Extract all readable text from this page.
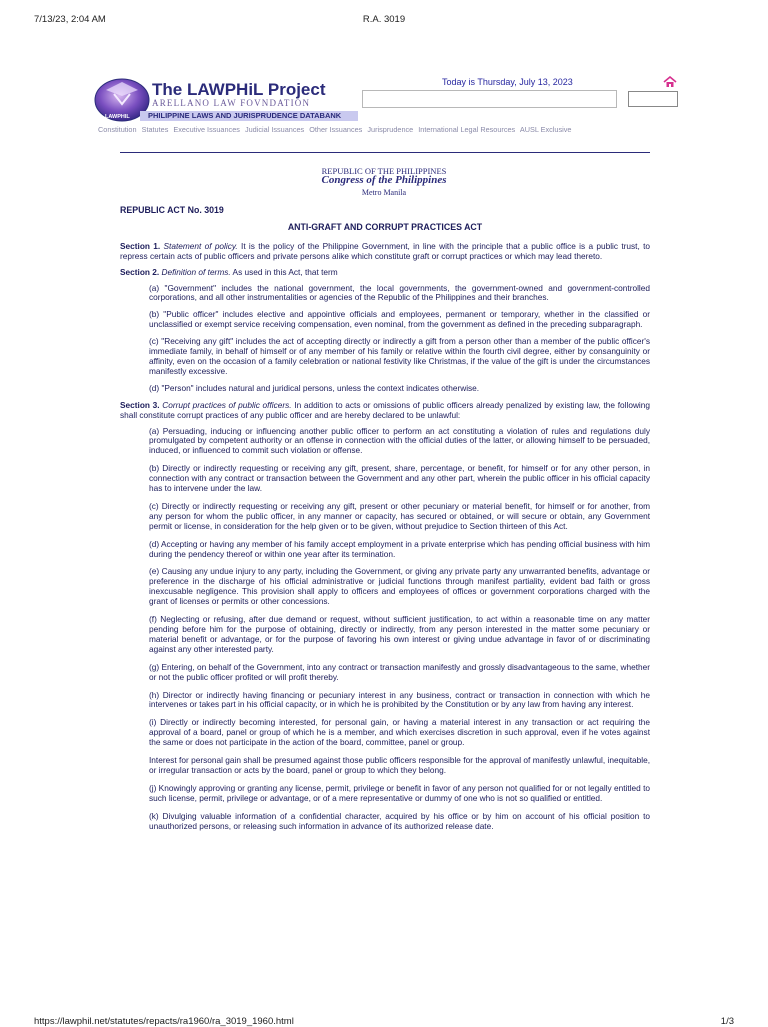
7/13/23, 2:04 AM	R.A. 3019
LAWPHIL
The LAWPHiL Project
ARELLANO LAW FOVNDATION
PHILIPPINE LAWS AND JURISPRUDENCE DATABANK
Today is Thursday, July 13, 2023
Constitution Statutes Executive Issuances Judicial Issuances Other Issuances Jurisprudence International Legal Resources AUSL Exclusive
REPUBLIC OF THE PHILIPPINES
Congress of the Philippines
Metro Manila

REPUBLIC ACT No. 3019

ANTI-GRAFT AND CORRUPT PRACTICES ACT

Section 1. Statement of policy. It is the policy of the Philippine Government, in line with the principle that a public office is a public trust, to repress certain acts of public officers and private persons alike which constitute graft or corrupt practices or which may lead thereto.

Section 2. Definition of terms. As used in this Act, that term

(a) "Government" includes the national government, the local governments, the government-owned and government-controlled corporations, and all other instrumentalities or agencies of the Republic of the Philippines and their branches.

(b) "Public officer" includes elective and appointive officials and employees, permanent or temporary, whether in the classified or unclassified or exempt service receiving compensation, even nominal, from the government as defined in the preceding subparagraph.

(c) "Receiving any gift" includes the act of accepting directly or indirectly a gift from a person other than a member of the public officer's immediate family, in behalf of himself or of any member of his family or relative within the fourth civil degree, either by consanguinity or affinity, even on the occasion of a family celebration or national festivity like Christmas, if the value of the gift is under the circumstances manifestly excessive.

(d) "Person" includes natural and juridical persons, unless the context indicates otherwise.

Section 3. Corrupt practices of public officers. In addition to acts or omissions of public officers already penalized by existing law, the following shall constitute corrupt practices of any public officer and are hereby declared to be unlawful:

(a) Persuading, inducing or influencing another public officer to perform an act constituting a violation of rules and regulations duly promulgated by competent authority or an offense in connection with the official duties of the latter, or allowing himself to be persuaded, induced, or influenced to commit such violation or offense.

(b) Directly or indirectly requesting or receiving any gift, present, share, percentage, or benefit, for himself or for any other person, in connection with any contract or transaction between the Government and any other part, wherein the public officer in his official capacity has to intervene under the law.

(c) Directly or indirectly requesting or receiving any gift, present or other pecuniary or material benefit, for himself or for another, from any person for whom the public officer, in any manner or capacity, has secured or obtained, or will secure or obtain, any Government permit or license, in consideration for the help given or to be given, without prejudice to Section thirteen of this Act.

(d) Accepting or having any member of his family accept employment in a private enterprise which has pending official business with him during the pendency thereof or within one year after its termination.

(e) Causing any undue injury to any party, including the Government, or giving any private party any unwarranted benefits, advantage or preference in the discharge of his official administrative or judicial functions through manifest partiality, evident bad faith or gross inexcusable negligence. This provision shall apply to officers and employees of offices or government corporations charged with the grant of licenses or permits or other concessions.

(f) Neglecting or refusing, after due demand or request, without sufficient justification, to act within a reasonable time on any matter pending before him for the purpose of obtaining, directly or indirectly, from any person interested in the matter some pecuniary or material benefit or advantage, or for the purpose of favoring his own interest or giving undue advantage in favor of or discriminating against any other interested party.

(g) Entering, on behalf of the Government, into any contract or transaction manifestly and grossly disadvantageous to the same, whether or not the public officer profited or will profit thereby.

(h) Director or indirectly having financing or pecuniary interest in any business, contract or transaction in connection with which he intervenes or takes part in his official capacity, or in which he is prohibited by the Constitution or by any law from having any interest.

(i) Directly or indirectly becoming interested, for personal gain, or having a material interest in any transaction or act requiring the approval of a board, panel or group of which he is a member, and which exercises discretion in such approval, even if he votes against the same or does not participate in the action of the board, committee, panel or group.

Interest for personal gain shall be presumed against those public officers responsible for the approval of manifestly unlawful, inequitable, or irregular transaction or acts by the board, panel or group to which they belong.

(j) Knowingly approving or granting any license, permit, privilege or benefit in favor of any person not qualified for or not legally entitled to such license, permit, privilege or advantage, or of a mere representative or dummy of one who is not so qualified or entitled.

(k) Divulging valuable information of a confidential character, acquired by his office or by him on account of his official position to unauthorized persons, or releasing such information in advance of its authorized release date.

https://lawphil.net/statutes/repacts/ra1960/ra_3019_1960.html	1/3
